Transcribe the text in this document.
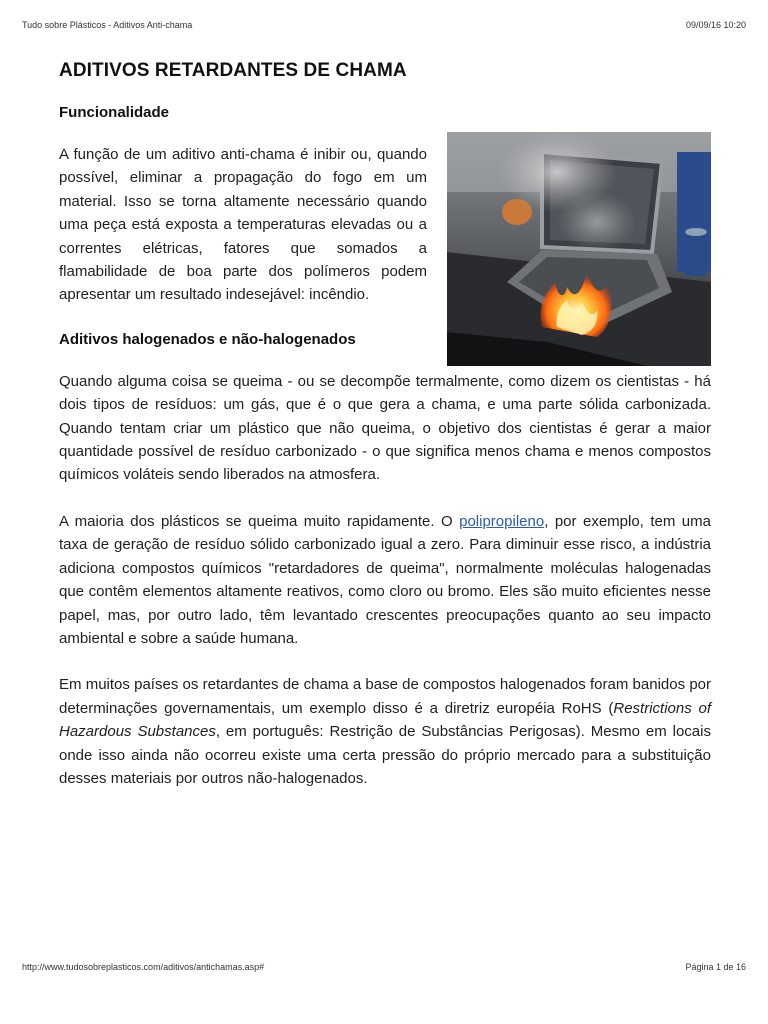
Tudo sobre Plásticos - Aditivos Anti-chama	09/09/16 10:20
ADITIVOS RETARDANTES DE CHAMA
Funcionalidade

A função de um aditivo anti-chama é inibir ou, quando possível, eliminar a propagação do fogo em um material. Isso se torna altamente necessário quando uma peça está exposta a temperaturas elevadas ou a correntes elétricas, fatores que somados a flamabilidade de boa parte dos polímeros podem apresentar um resultado indesejável: incêndio.

Aditivos halogenados e não-halogenados

Quando alguma coisa se queima - ou se decompõe termalmente, como dizem os cientistas - há dois tipos de resíduos: um gás, que é o que gera a chama, e uma parte sólida carbonizada. Quando tentam criar um plástico que não queima, o objetivo dos cientistas é gerar a maior quantidade possível de resíduo carbonizado - o que significa menos chama e menos compostos químicos voláteis sendo liberados na atmosfera.

A maioria dos plásticos se queima muito rapidamente. O polipropileno, por exemplo, tem uma taxa de geração de resíduo sólido carbonizado igual a zero. Para diminuir esse risco, a indústria adiciona compostos químicos "retardadores de queima", normalmente moléculas halogenadas que contêm elementos altamente reativos, como cloro ou bromo. Eles são muito eficientes nesse papel, mas, por outro lado, têm levantado crescentes preocupações quanto ao seu impacto ambiental e sobre a saúde humana.

Em muitos países os retardantes de chama a base de compostos halogenados foram banidos por determinações governamentais, um exemplo disso é a diretriz européia RoHS (Restrictions of Hazardous Substances, em português: Restrição de Substâncias Perigosas). Mesmo em locais onde isso ainda não ocorreu existe uma certa pressão do próprio mercado para a substituição desses materiais por outros não-halogenados.

http://www.tudosobreplasticos.com/aditivos/antichamas.asp#	Página 1 de 16
